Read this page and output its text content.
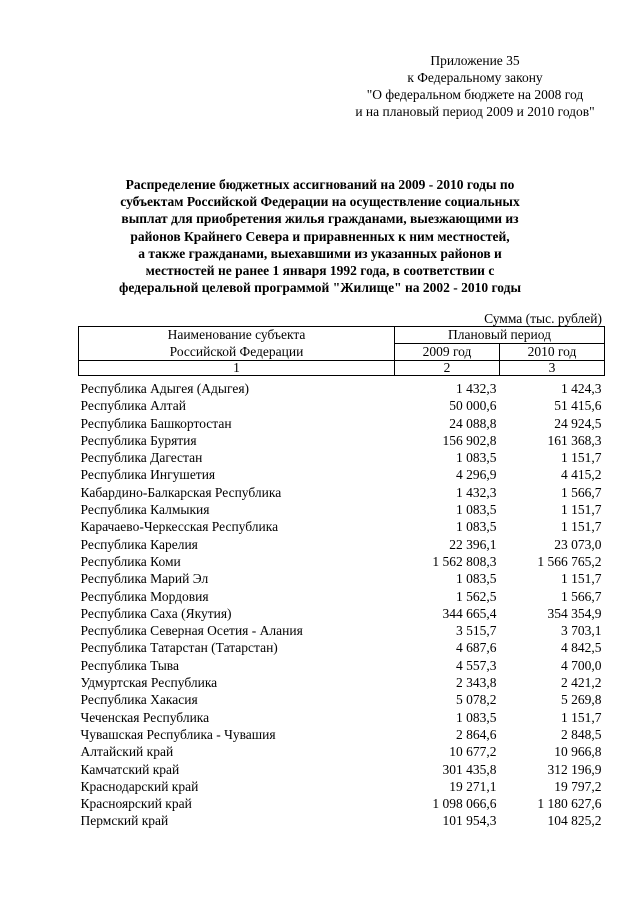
Приложение 35
к Федеральному закону
"О федеральном бюджете на 2008 год
и на плановый период 2009 и 2010 годов"
Распределение бюджетных ассигнований на 2009 - 2010 годы по
субъектам Российской Федерации на осуществление социальных
выплат для приобретения жилья гражданами, выезжающими из
районов Крайнего Севера и приравненных к ним местностей,
а также гражданами, выехавшими из указанных районов и
местностей не ранее 1 января 1992 года, в соответствии с
федеральной целевой программой "Жилище" на 2002 - 2010 годы
Сумма (тыс. рублей)
Наименование субъекта	Плановый период	
Российской Федерации	2009 год	2010 год
1	2	3

Республика Адыгея (Адыгея)	1 432,3	1 424,3
Республика Алтай	50 000,6	51 415,6
Республика Башкортостан	24 088,8	24 924,5
Республика Бурятия	156 902,8	161 368,3
Республика Дагестан	1 083,5	1 151,7
Республика Ингушетия	4 296,9	4 415,2
Кабардино-Балкарская Республика	1 432,3	1 566,7
Республика Калмыкия	1 083,5	1 151,7
Карачаево-Черкесская Республика	1 083,5	1 151,7
Республика Карелия	22 396,1	23 073,0
Республика Коми	1 562 808,3	1 566 765,2
Республика Марий Эл	1 083,5	1 151,7
Республика Мордовия	1 562,5	1 566,7
Республика Саха (Якутия)	344 665,4	354 354,9
Республика Северная Осетия - Алания	3 515,7	3 703,1
Республика Татарстан (Татарстан)	4 687,6	4 842,5
Республика Тыва	4 557,3	4 700,0
Удмуртская Республика	2 343,8	2 421,2
Республика Хакасия	5 078,2	5 269,8
Чеченская Республика	1 083,5	1 151,7
Чувашская Республика - Чувашия	2 864,6	2 848,5
Алтайский край	10 677,2	10 966,8
Камчатский край	301 435,8	312 196,9
Краснодарский край	19 271,1	19 797,2
Красноярский край	1 098 066,6	1 180 627,6
Пермский край	101 954,3	104 825,2
